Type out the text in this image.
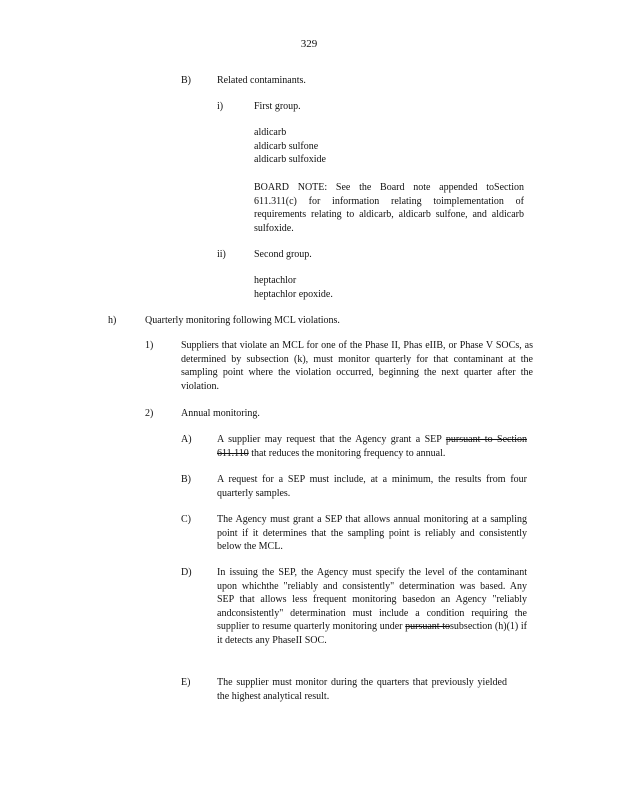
329
B)	Related contaminants.
i)	First group.
aldicarb
aldicarb sulfone
aldicarb sulfoxide
BOARD NOTE: See the Board note appended toSection 611.311(c) for information relating toimplementation of requirements relating to aldicarb, aldicarb sulfone, and aldicarb sulfoxide.
ii)	Second group.
heptachlor
heptachlor epoxide.
h)	Quarterly monitoring following MCL violations.
1)	Suppliers that violate an MCL for one of the Phase II, Phas eIIB, or Phase V SOCs, as determined by subsection (k), must monitor quarterly for that contaminant at the sampling point where the violation occurred, beginning the next quarter after the violation.
2)	Annual monitoring.
A)	A supplier may request that the Agency grant a SEP pursuant to Section 611.110 that reduces the monitoring frequency to annual.
B)	A request for a SEP must include, at a minimum, the results from four quarterly samples.
C)	The Agency must grant a SEP that allows annual monitoring at a sampling point if it determines that the sampling point is reliably and consistently below the MCL.
D)	In issuing the SEP, the Agency must specify the level of the contaminant upon whichthe "reliably and consistently" determination was based. Any SEP that allows less frequent monitoring basedon an Agency "reliably andconsistently" determination must include a condition requiring the supplier to resume quarterly monitoring under pursuant tosubsection (h)(1) if it detects any PhaseII SOC.
E)	The supplier must monitor during the quarters that previously yielded the highest analytical result.
